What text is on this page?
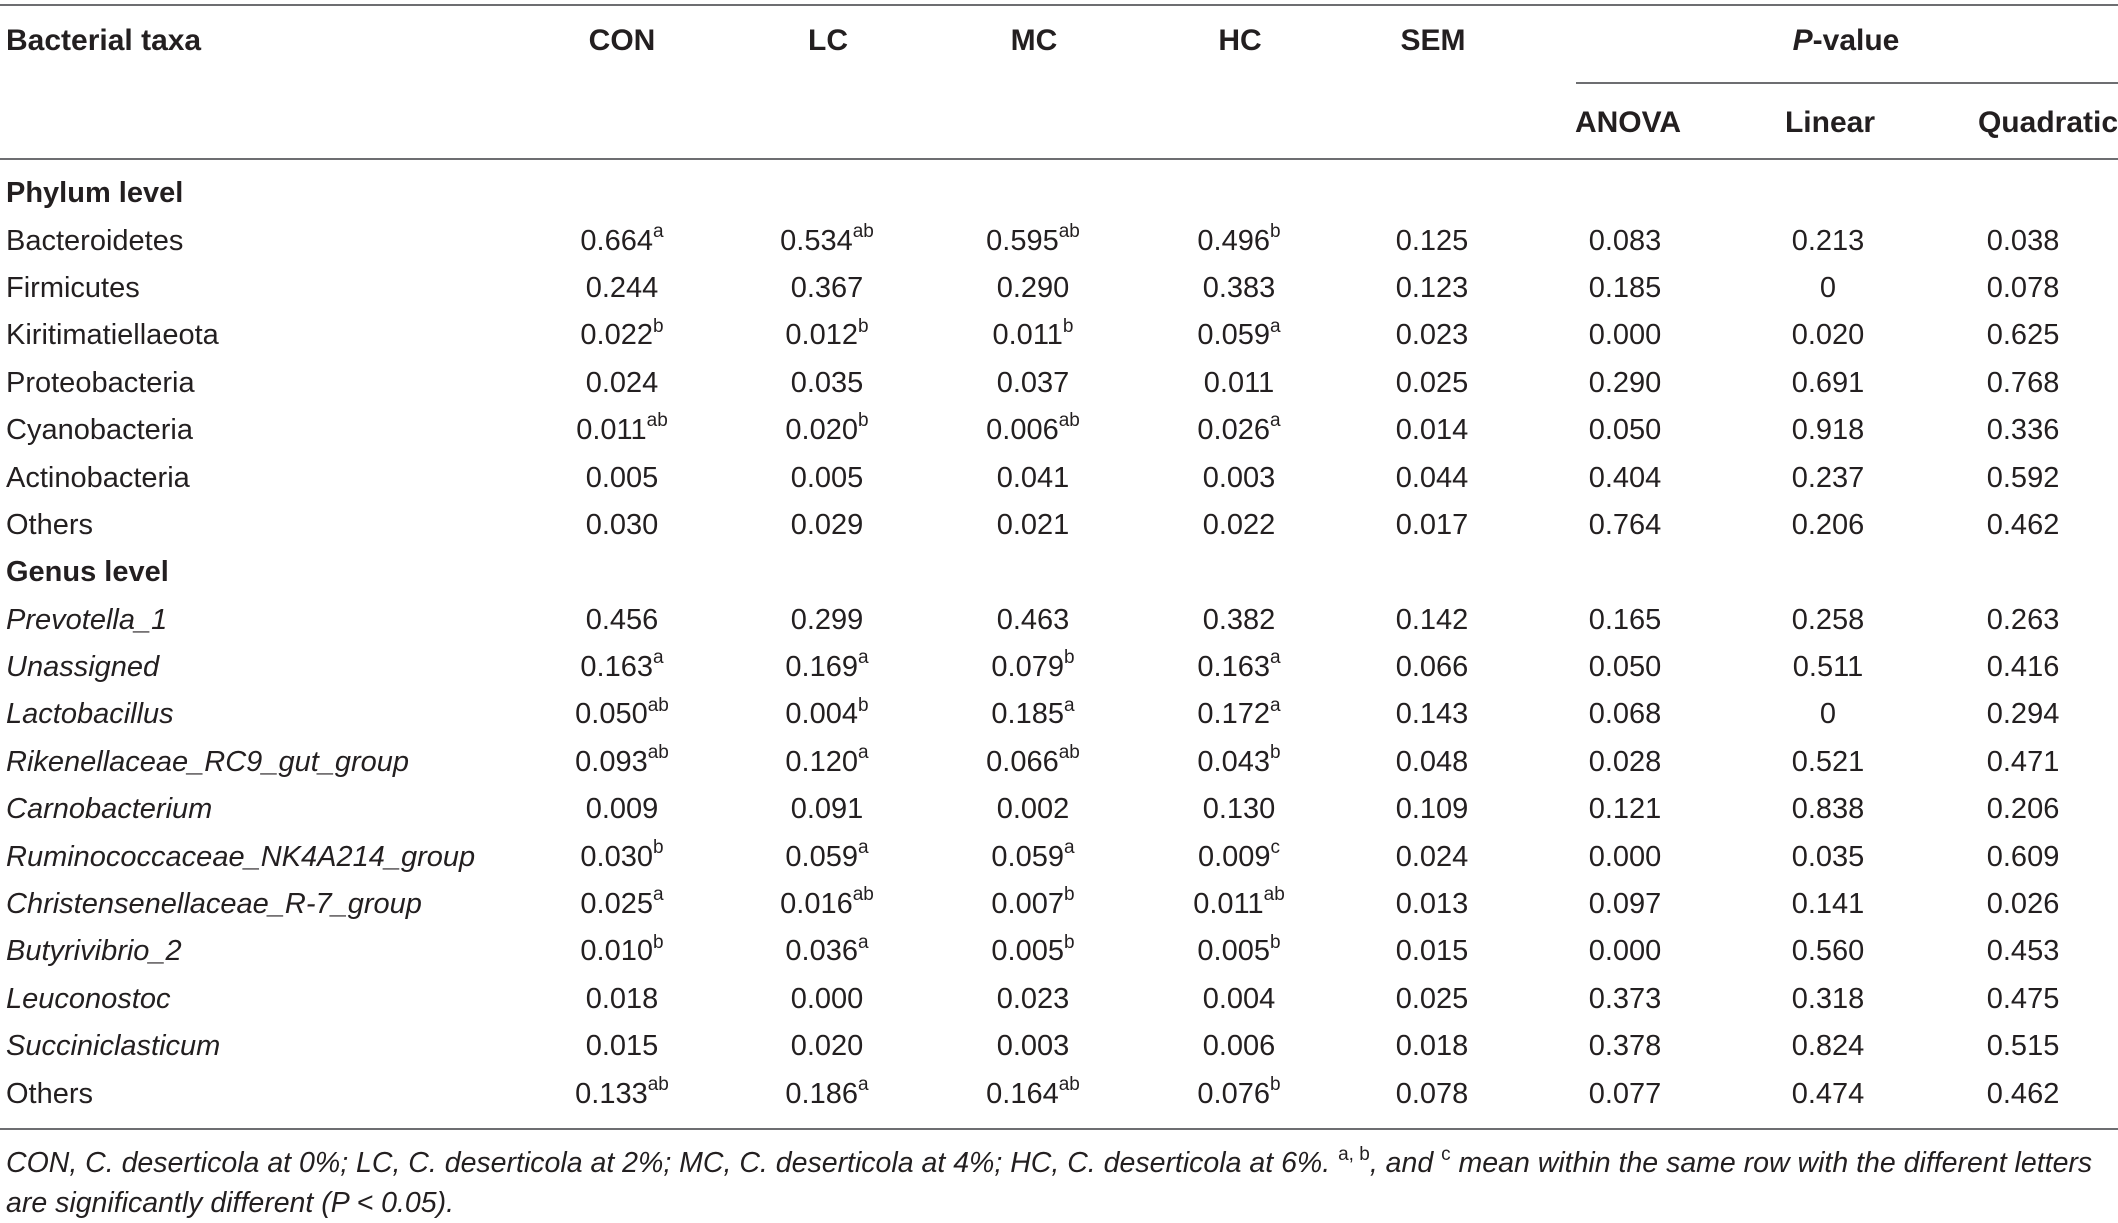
Bacterial taxa	CON	LC	MC	HC	SEM	P-value
ANOVA	Linear	Quadratic
Phylum level								
Bacteroidetes	0.664$^a$	0.534$^{ab}$	0.595$^{ab}$	0.496$^b$	0.125	0.083	0.213	0.038
Firmicutes	0.244	0.367	0.290	0.383	0.123	0.185	0	0.078
Kiritimatiellaeota	0.022$^b$	0.012$^b$	0.011$^b$	0.059$^a$	0.023	0.000	0.020	0.625
Proteobacteria	0.024	0.035	0.037	0.011	0.025	0.290	0.691	0.768
Cyanobacteria	0.011$^{ab}$	0.020$^b$	0.006$^{ab}$	0.026$^a$	0.014	0.050	0.918	0.336
Actinobacteria	0.005	0.005	0.041	0.003	0.044	0.404	0.237	0.592
Others	0.030	0.029	0.021	0.022	0.017	0.764	0.206	0.462
Genus level								
Prevotella_1	0.456	0.299	0.463	0.382	0.142	0.165	0.258	0.263
Unassigned	0.163$^a$	0.169$^a$	0.079$^b$	0.163$^a$	0.066	0.050	0.511	0.416
Lactobacillus	0.050$^{ab}$	0.004$^b$	0.185$^a$	0.172$^a$	0.143	0.068	0	0.294
Rikenellaceae_RC9_gut_group	0.093$^{ab}$	0.120$^a$	0.066$^{ab}$	0.043$^b$	0.048	0.028	0.521	0.471
Carnobacterium	0.009	0.091	0.002	0.130	0.109	0.121	0.838	0.206
Ruminococcaceae_NK4A214_group	0.030$^b$	0.059$^a$	0.059$^a$	0.009$^c$	0.024	0.000	0.035	0.609
Christensenellaceae_R-7_group	0.025$^a$	0.016$^{ab}$	0.007$^b$	0.011$^{ab}$	0.013	0.097	0.141	0.026
Butyrivibrio_2	0.010$^b$	0.036$^a$	0.005$^b$	0.005$^b$	0.015	0.000	0.560	0.453
Leuconostoc	0.018	0.000	0.023	0.004	0.025	0.373	0.318	0.475
Succiniclasticum	0.015	0.020	0.003	0.006	0.018	0.378	0.824	0.515
Others	0.133$^{ab}$	0.186$^a$	0.164$^{ab}$	0.076$^b$	0.078	0.077	0.474	0.462
CON, C. deserticola at 0%; LC, C. deserticola at 2%; MC, C. deserticola at 4%; HC, C. deserticola at 6%. $^{a, b}$, and $^c$ mean within the same row with the different letters are significantly different (P < 0.05).
